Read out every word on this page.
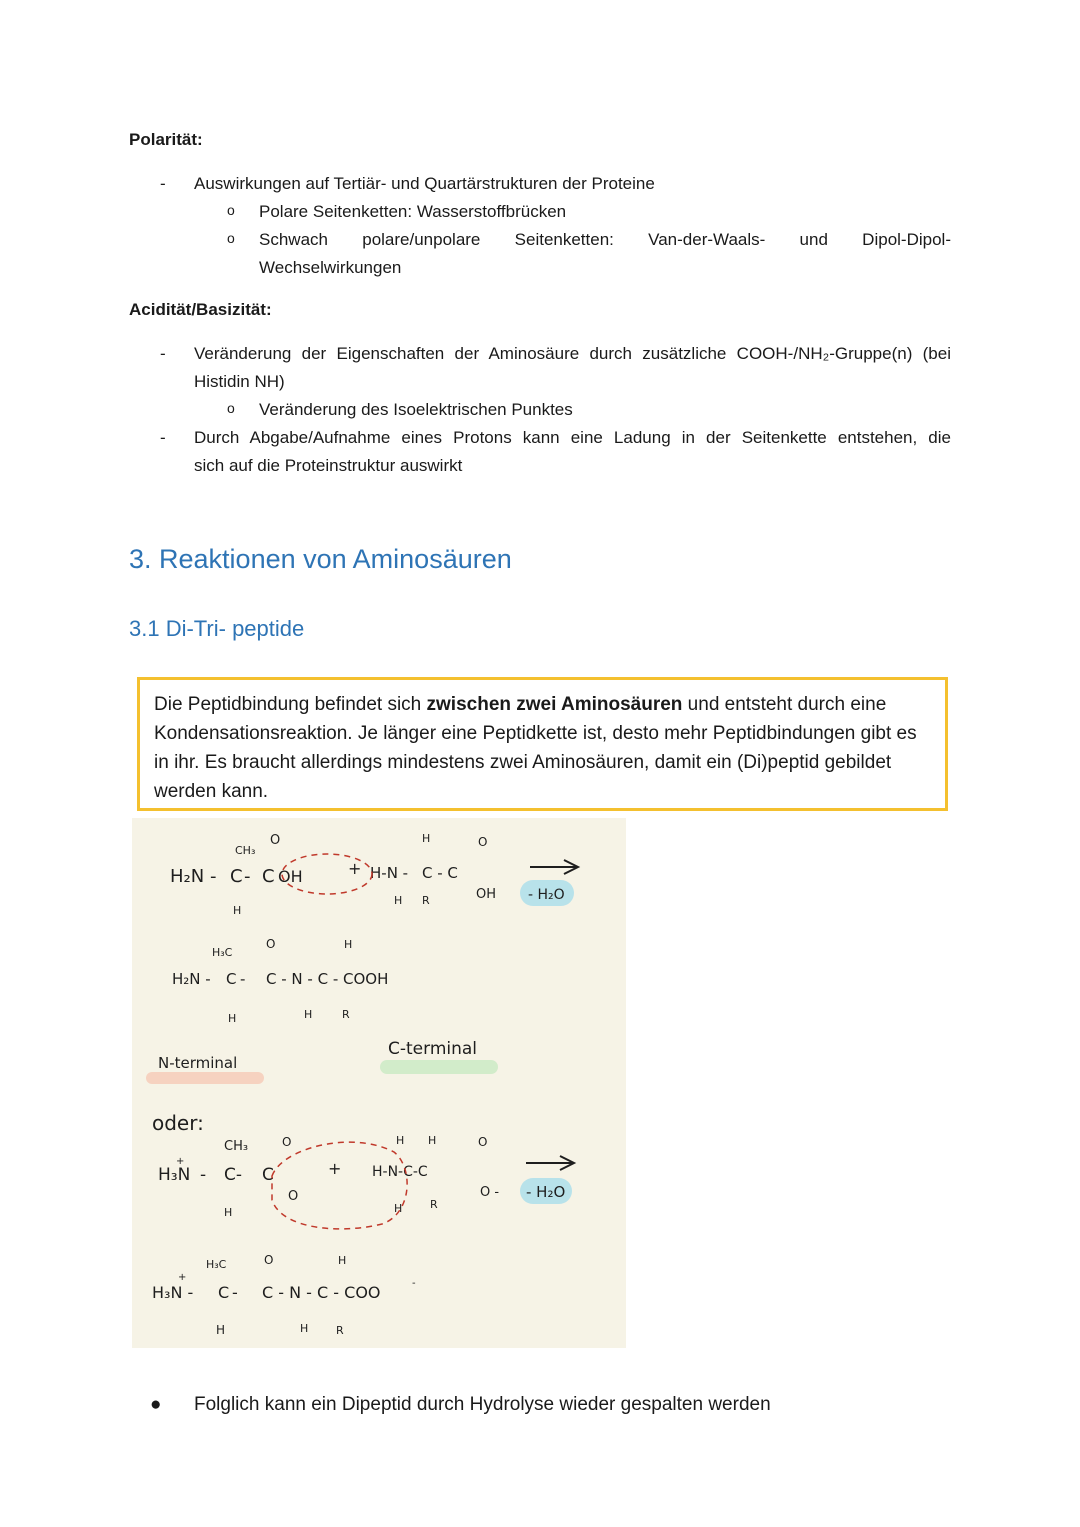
Polarität:
- Auswirkungen auf Tertiär- und Quartärstrukturen der Proteine
o Polare Seitenketten: Wasserstoffbrücken
o Schwach polare/unpolare Seitenketten: Van-der-Waals- und Dipol-Dipol-
Wechselwirkungen
Acidität/Basizität:
- Veränderung der Eigenschaften der Aminosäure durch zusätzliche COOH-/NH₂-Gruppe(n) (bei
Histidin NH)
o Veränderung des Isoelektrischen Punktes
- Durch Abgabe/Aufnahme eines Protons kann eine Ladung in der Seitenkette entstehen, die
sich auf die Proteinstruktur auswirkt
3. Reaktionen von Aminosäuren
3.1 Di-Tri- peptide
Die Peptidbindung befindet sich zwischen zwei Aminosäuren und entsteht durch eine Kondensationsreaktion. Je länger eine Peptidkette ist, desto mehr Peptidbindungen gibt es in ihr. Es braucht allerdings mindestens zwei Aminosäuren, damit ein (Di)peptid gebildet werden kann.
H₂N - C - C
CH₃
H
O
OH	+ H-N - C - C
H
H R
O
OH - H₂O
H₂N - C - C - N - C - COOH
H₃C
H
O	H
H	R
N-terminal
C-terminal
oder:
H₃N
+
- C- C
CH₃
H
O
O
+ H-N-C-C
H H
H	R
O
O - - H₂O
H₃N -
+
C - C - N - C - COO	-
H₃C
H
O	H
H	R
● Folglich kann ein Dipeptid durch Hydrolyse wieder gespalten werden
